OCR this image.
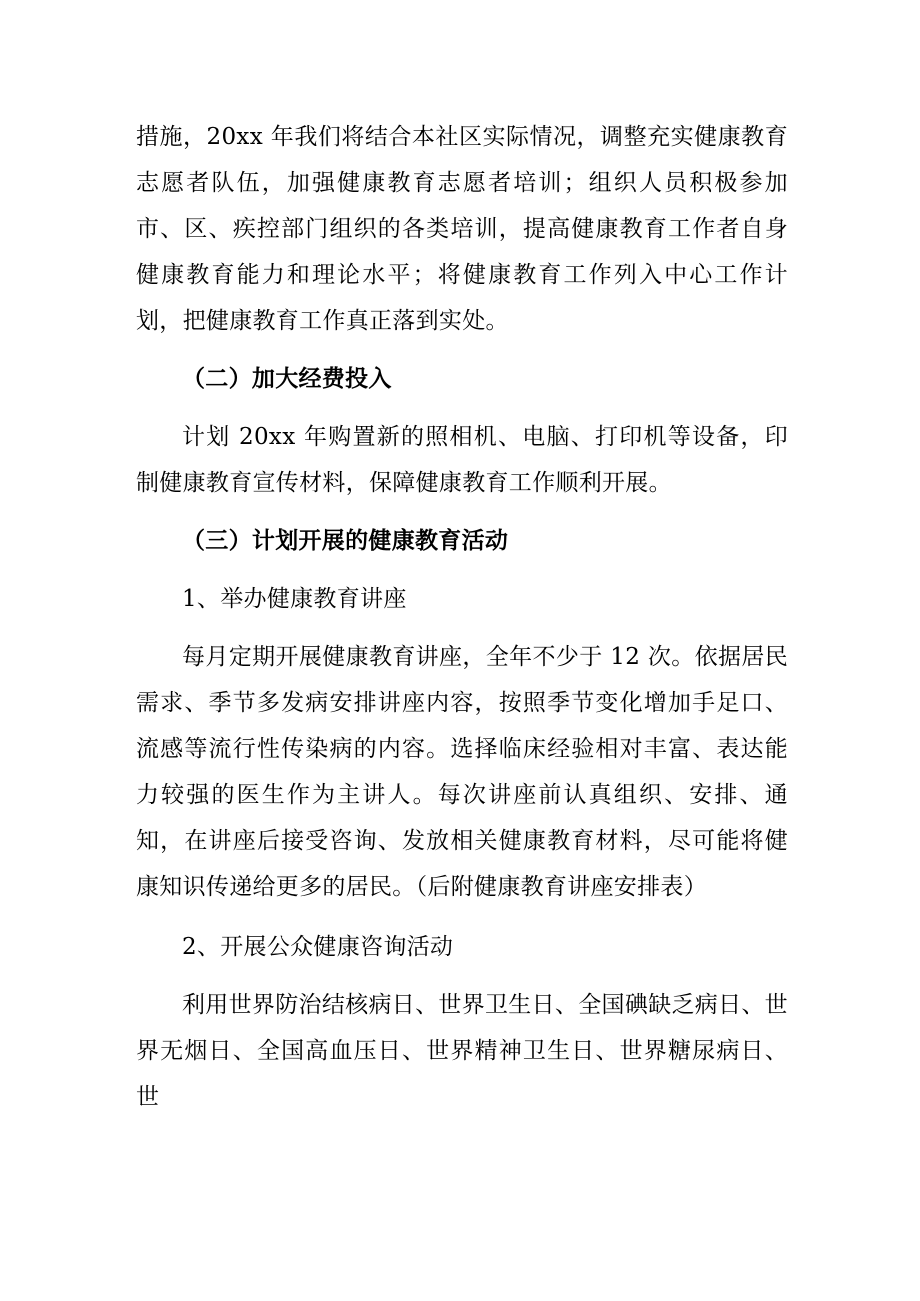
措施，20xx 年我们将结合本社区实际情况，调整充实健康教育志愿者队伍，加强健康教育志愿者培训；组织人员积极参加市、区、疾控部门组织的各类培训，提高健康教育工作者自身健康教育能力和理论水平；将健康教育工作列入中心工作计划，把健康教育工作真正落到实处。

（二）加大经费投入

计划 20xx 年购置新的照相机、电脑、打印机等设备，印制健康教育宣传材料，保障健康教育工作顺利开展。

（三）计划开展的健康教育活动

1、举办健康教育讲座

每月定期开展健康教育讲座，全年不少于 12 次。依据居民需求、季节多发病安排讲座内容，按照季节变化增加手足口、流感等流行性传染病的内容。选择临床经验相对丰富、表达能力较强的医生作为主讲人。每次讲座前认真组织、安排、通知，在讲座后接受咨询、发放相关健康教育材料，尽可能将健康知识传递给更多的居民。（后附健康教育讲座安排表）

2、开展公众健康咨询活动

利用世界防治结核病日、世界卫生日、全国碘缺乏病日、世界无烟日、全国高血压日、世界精神卫生日、世界糖尿病日、世
